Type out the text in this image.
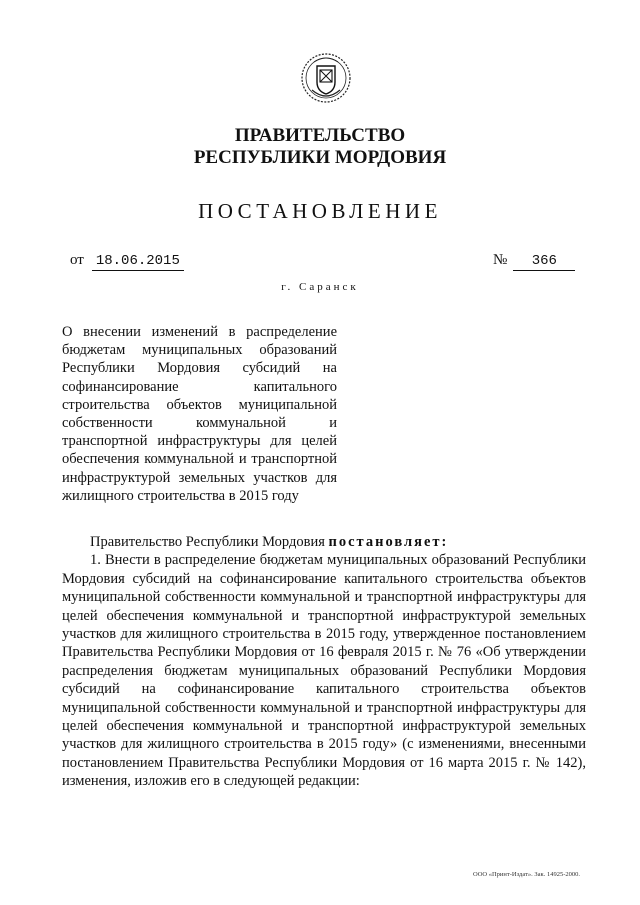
ПРАВИТЕЛЬСТВО
РЕСПУБЛИКИ МОРДОВИЯ
ПОСТАНОВЛЕНИЕ
от 18.06.2015	№ 366
г. Саранск
О внесении изменений в распределение бюджетам муниципальных образований Республики Мордовия субсидий на софинансирование капитального строительства объектов муниципальной собственности коммунальной и транспортной инфраструктуры для целей обеспечения коммунальной и транспортной инфраструктурой земельных участков для жилищного строительства в 2015 году

Правительство Республики Мордовия постановляет:

1. Внести в распределение бюджетам муниципальных образований Республики Мордовия субсидий на софинансирование капитального строительства объектов муниципальной собственности коммунальной и транспортной инфраструктуры для целей обеспечения коммунальной и транспортной инфраструктурой земельных участков для жилищного строительства в 2015 году, утвержденное постановлением Правительства Республики Мордовия от 16 февраля 2015 г. № 76 «Об утверждении распределения бюджетам муниципальных образований Республики Мордовия субсидий на софинансирование капитального строительства объектов муниципальной собственности коммунальной и транспортной инфраструктуры для целей обеспечения коммунальной и транспортной инфраструктурой земельных участков для жилищного строительства в 2015 году» (с изменениями, внесенными постановлением Правительства Республики Мордовия от 16 марта 2015 г. № 142), изменения, изложив его в следующей редакции:

ООО «Принт-Издат». Зак. 14925-2000.
